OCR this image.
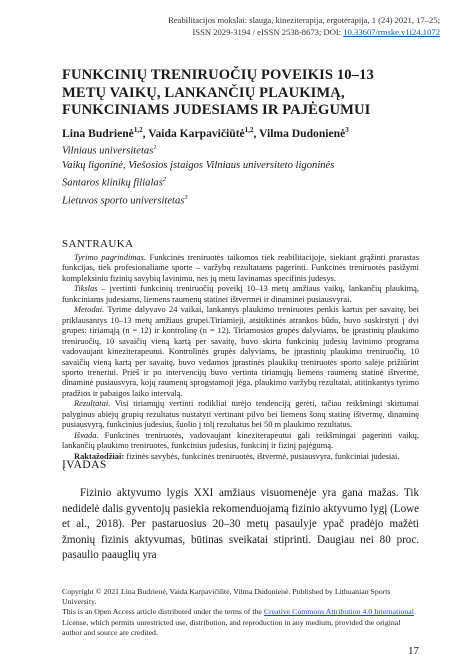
Reabilitacijos mokslai: slauga, kineziterapija, ergoterapija, 1 (24) 2021, 17–25;
ISSN 2029-3194 / eISSN 2538-8673; DOI: 10.33607/rmske.v1i24.1072
FUNKCINIŲ TRENIRUOČIŲ POVEIKIS 10–13 METŲ VAIKŲ, LANKANČIŲ PLAUKIMĄ, FUNKCINIAMS JUDESIAMS IR PAJĖGUMUI
Lina Budrienė$^{1,2}$, Vaida Karpavičiūtė$^{1,2}$, Vilma Dudonienė$^3$
Vilniaus universitetas$^1$
Vaikų ligoninė, Viešosios įstaigos Vilniaus universiteto ligoninės
Santaros klinikų filialas$^2$
Lietuvos sporto universitetas$^3$
SANTRAUKA

Tyrimo pagrindimas. Funkcinės treniruotės taikomos tiek reabilitacijoje, siekiant grąžinti prarastas funkcijas, tiek profesionaliame sporte – varžybų rezultatams pagerinti. Funkcinės treniruotės pasižymi kompleksiniu fizinių savybių lavinimu, nes jų metu lavinamas specifinis judesys.

Tikslas – įvertinti funkcinių treniruočių poveikį 10–13 metų amžiaus vaikų, lankančių plaukimą, funkciniams judesiams, liemens raumenų statinei ištvermei ir dinaminei pusiausvyrai.

Metodai. Tyrime dalyvavo 24 vaikai, lankantys plaukimo treniruotes penkis kartus per savaitę, bei priklausantys 10–13 metų amžiaus grupei.Tiriamieji, atsitiktinės atrankos būdu, buvo suskirstyti į dvi grupes: tiriamąją (n = 12) ir kontrolinę (n = 12). Tiriamosios grupės dalyviams, be įprastinių plaukimo treniruočių, 10 savaičių vieną kartą per savaitę, buvo skirta funkcinių judesių lavinimo programa vadovaujant kineziterapeutui. Kontrolinės grupės dalyviams, be įprastinių plaukimo treniruočių, 10 savaičių vieną kartą per savaitę, buvo vedamos įprastinės plaukikų treniruotės sporto salėje prižiūrint sporto treneriui. Prieš ir po intervencijų buvo vertinta tiriamųjų liemens raumenų statinė ištvermė, dinaminė pusiausvyra, kojų raumenų sprogstamoji jėga, plaukimo varžybų rezultatai, atitinkantys tyrimo pradžios ir pabaigos laiko intervalą.

Rezultatai. Visi tiriamųjų vertinti rodikliai turėjo tendenciją gerėti, tačiau reikšmingi skirtumai palyginus abiejų grupių rezultatus nustatyti vertinant pilvo bei liemens šonų statinę ištvermę, dinaminę pusiausvyrą, funkcinius judesius, šuolio į tolį rezultatus bei 50 m plaukimo rezultatus.

Išvada. Funkcinės treniruotės, vadovaujant kineziterapeutui gali reikšmingai pagerinti vaikų, lankančių plaukimo treniruotes, funkcinius judesius, funkcinį ir fizinį pajėgumą.

Raktažodžiai: fizinės savybės, funkcinės treniruotės, ištvermė, pusiausvyra, funkciniai judesiai.

ĮVADAS

Fizinio aktyvumo lygis XXI amžiaus visuomenėje yra gana mažas. Tik nedidelė dalis gyventojų pasiekia rekomenduojamą fizinio aktyvumo lygį (Lowe et al., 2018). Per pastaruosius 20–30 metų pasaulyje ypač pradėjo mažėti žmonių fizinis aktyvumas, būtinas sveikatai stiprinti. Daugiau nei 80 proc. pasaulio paauglių yra

Copyright © 2021 Lina Budrienė, Vaida Karpavičiūtė, Vilma Dudonienė. Published by Lithuanian Sports University.

This is an Open Access article distributed under the terms of the Creative Commons Attribution 4.0 International License, which permits unrestricted use, distribution, and reproduction in any medium, provided the original author and source are credited.

17
